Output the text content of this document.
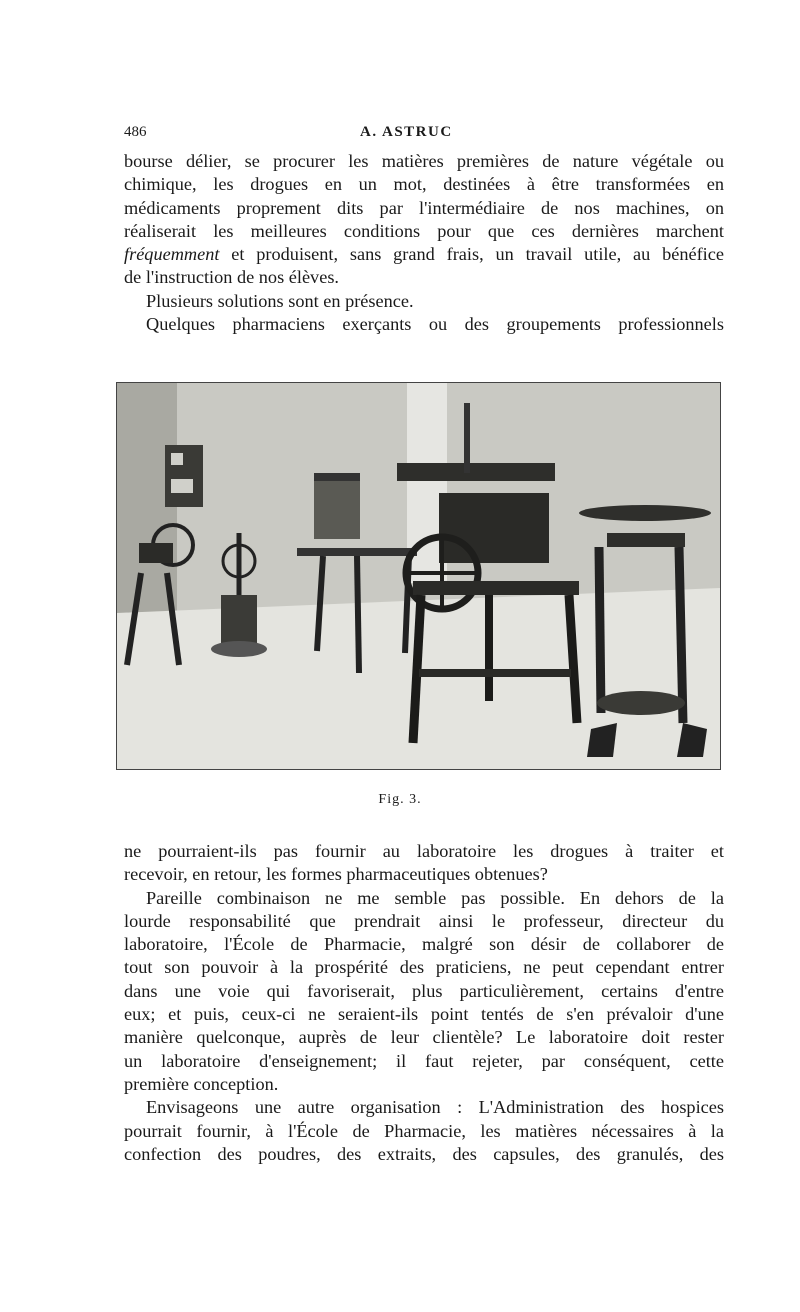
486	A. ASTRUC

bourse délier, se procurer les matières premières de nature végétale ou

chimique, les drogues en un mot, destinées à être transformées en

médicaments proprement dits par l'intermédiaire de nos machines, on

réaliserait les meilleures conditions pour que ces dernières marchent

fréquemment et produisent, sans grand frais, un travail utile, au bénéfice

de l'instruction de nos élèves.

Plusieurs solutions sont en présence.

Quelques pharmaciens exerçants ou des groupements professionnels

Fig. 3.

ne pourraient-ils pas fournir au laboratoire les drogues à traiter et

recevoir, en retour, les formes pharmaceutiques obtenues?

Pareille combinaison ne me semble pas possible. En dehors de la

lourde responsabilité que prendrait ainsi le professeur, directeur du

laboratoire, l'École de Pharmacie, malgré son désir de collaborer de

tout son pouvoir à la prospérité des praticiens, ne peut cependant entrer

dans une voie qui favoriserait, plus particulièrement, certains d'entre

eux; et puis, ceux-ci ne seraient-ils point tentés de s'en prévaloir d'une

manière quelconque, auprès de leur clientèle? Le laboratoire doit rester

un laboratoire d'enseignement; il faut rejeter, par conséquent, cette

première conception.

Envisageons une autre organisation : L'Administration des hospices

pourrait fournir, à l'École de Pharmacie, les matières nécessaires à la

confection des poudres, des extraits, des capsules, des granulés, des
